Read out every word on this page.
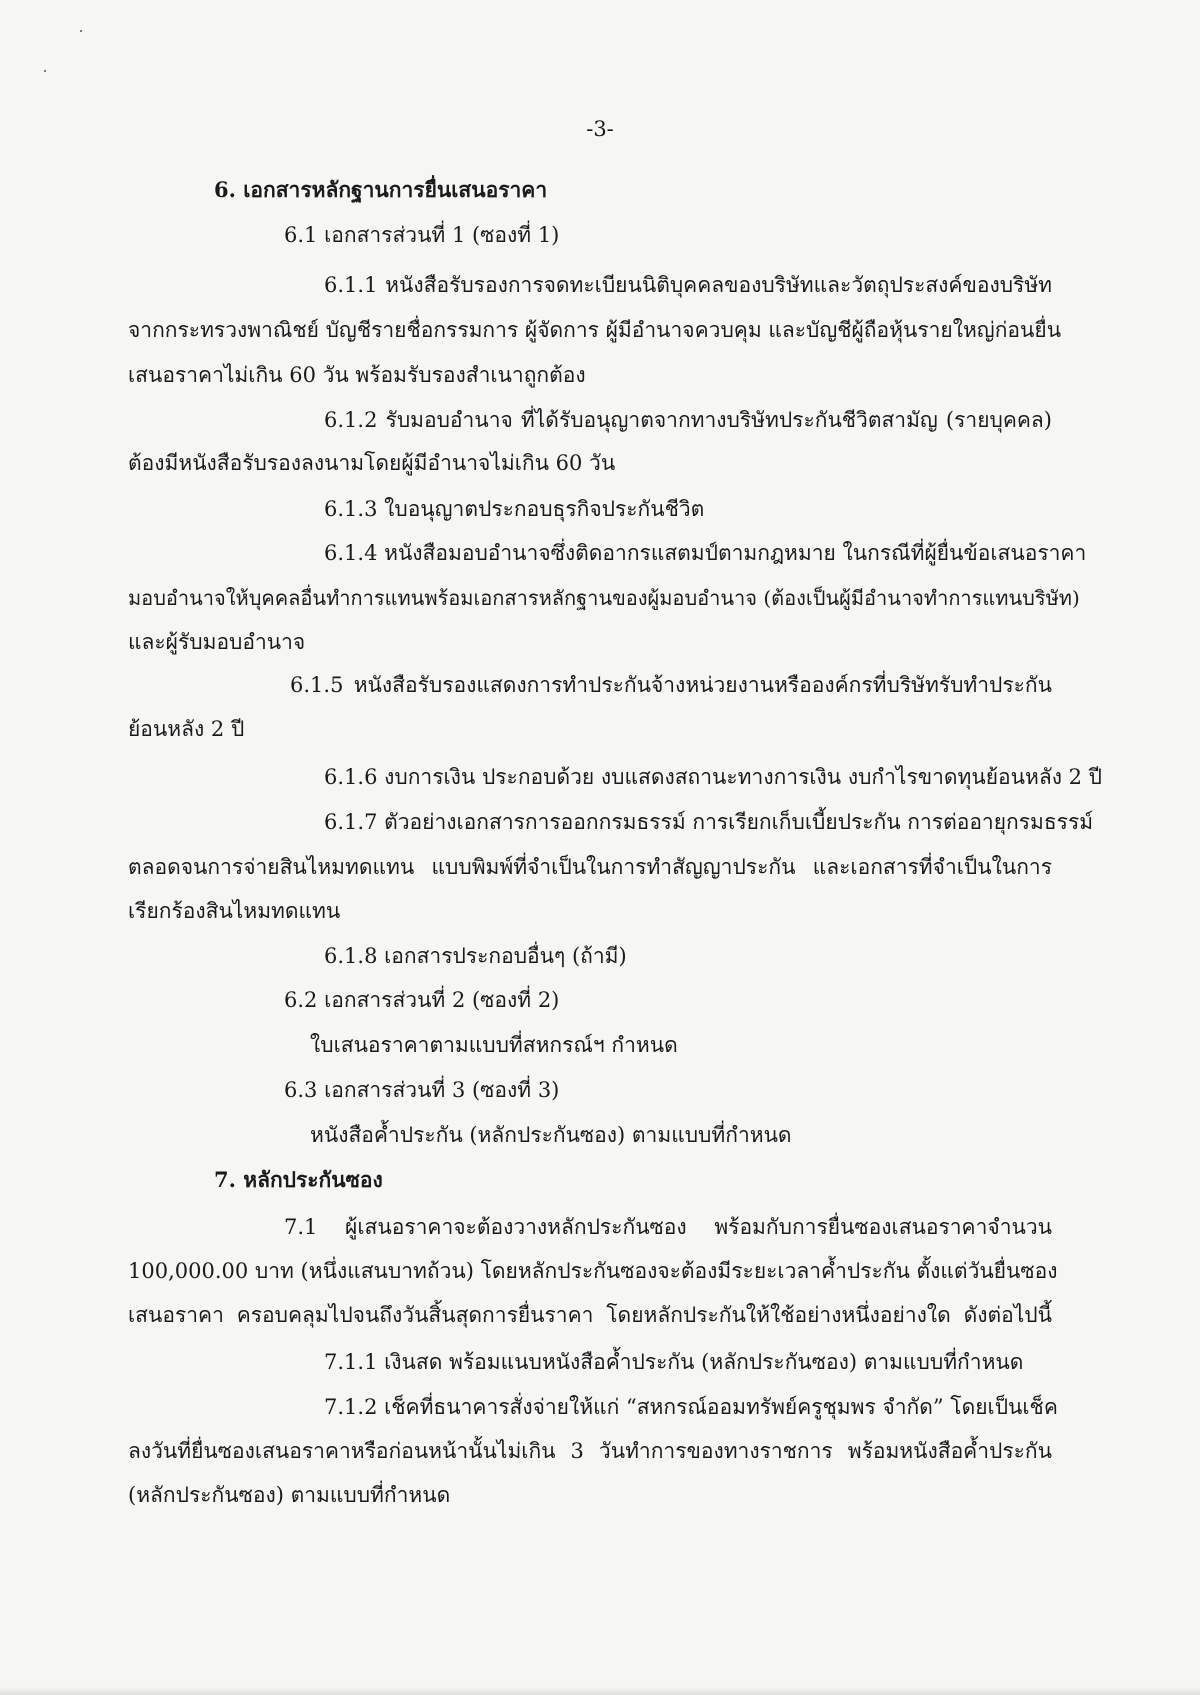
-3-
6. เอกสารหลักฐานการยื่นเสนอราคา
6.1 เอกสารส่วนที่ 1 (ซองที่ 1)
6.1.1 หนังสือรับรองการจดทะเบียนนิติบุคคลของบริษัทและวัตถุประสงค์ของบริษัท
จากกระทรวงพาณิชย์ บัญชีรายชื่อกรรมการ ผู้จัดการ ผู้มีอำนาจควบคุม และบัญชีผู้ถือหุ้นรายใหญ่ก่อนยื่น
เสนอราคาไม่เกิน 60 วัน พร้อมรับรองสำเนาถูกต้อง
6.1.2 รับมอบอำนาจ ที่ได้รับอนุญาตจากทางบริษัทประกันชีวิตสามัญ (รายบุคคล)
ต้องมีหนังสือรับรองลงนามโดยผู้มีอำนาจไม่เกิน 60 วัน
6.1.3 ใบอนุญาตประกอบธุรกิจประกันชีวิต
6.1.4 หนังสือมอบอำนาจซึ่งติดอากรแสตมป์ตามกฎหมาย ในกรณีที่ผู้ยื่นข้อเสนอราคา
มอบอำนาจให้บุคคลอื่นทำการแทนพร้อมเอกสารหลักฐานของผู้มอบอำนาจ (ต้องเป็นผู้มีอำนาจทำการแทนบริษัท)
และผู้รับมอบอำนาจ
6.1.5 หนังสือรับรองแสดงการทำประกันจ้างหน่วยงานหรือองค์กรที่บริษัทรับทำประกัน
ย้อนหลัง 2 ปี
6.1.6 งบการเงิน ประกอบด้วย งบแสดงสถานะทางการเงิน งบกำไรขาดทุนย้อนหลัง 2 ปี
6.1.7 ตัวอย่างเอกสารการออกกรมธรรม์ การเรียกเก็บเบี้ยประกัน การต่ออายุกรมธรรม์
ตลอดจนการจ่ายสินไหมทดแทน แบบพิมพ์ที่จำเป็นในการทำสัญญาประกัน และเอกสารที่จำเป็นในการ
เรียกร้องสินไหมทดแทน
6.1.8 เอกสารประกอบอื่นๆ (ถ้ามี)
6.2 เอกสารส่วนที่ 2 (ซองที่ 2)
ใบเสนอราคาตามแบบที่สหกรณ์ฯ กำหนด
6.3 เอกสารส่วนที่ 3 (ซองที่ 3)
หนังสือค้ำประกัน (หลักประกันซอง) ตามแบบที่กำหนด
7. หลักประกันซอง
7.1 ผู้เสนอราคาจะต้องวางหลักประกันซอง พร้อมกับการยื่นซองเสนอราคาจำนวน
100,000.00 บาท (หนึ่งแสนบาทถ้วน) โดยหลักประกันซองจะต้องมีระยะเวลาค้ำประกัน ตั้งแต่วันยื่นซอง
เสนอราคา ครอบคลุมไปจนถึงวันสิ้นสุดการยื่นราคา โดยหลักประกันให้ใช้อย่างหนึ่งอย่างใด ดังต่อไปนี้
7.1.1 เงินสด พร้อมแนบหนังสือค้ำประกัน (หลักประกันซอง) ตามแบบที่กำหนด
7.1.2 เช็คที่ธนาคารสั่งจ่ายให้แก่ “สหกรณ์ออมทรัพย์ครูชุมพร จำกัด” โดยเป็นเช็ค
ลงวันที่ยื่นซองเสนอราคาหรือก่อนหน้านั้นไม่เกิน 3 วันทำการของทางราชการ พร้อมหนังสือค้ำประกัน
(หลักประกันซอง) ตามแบบที่กำหนด
